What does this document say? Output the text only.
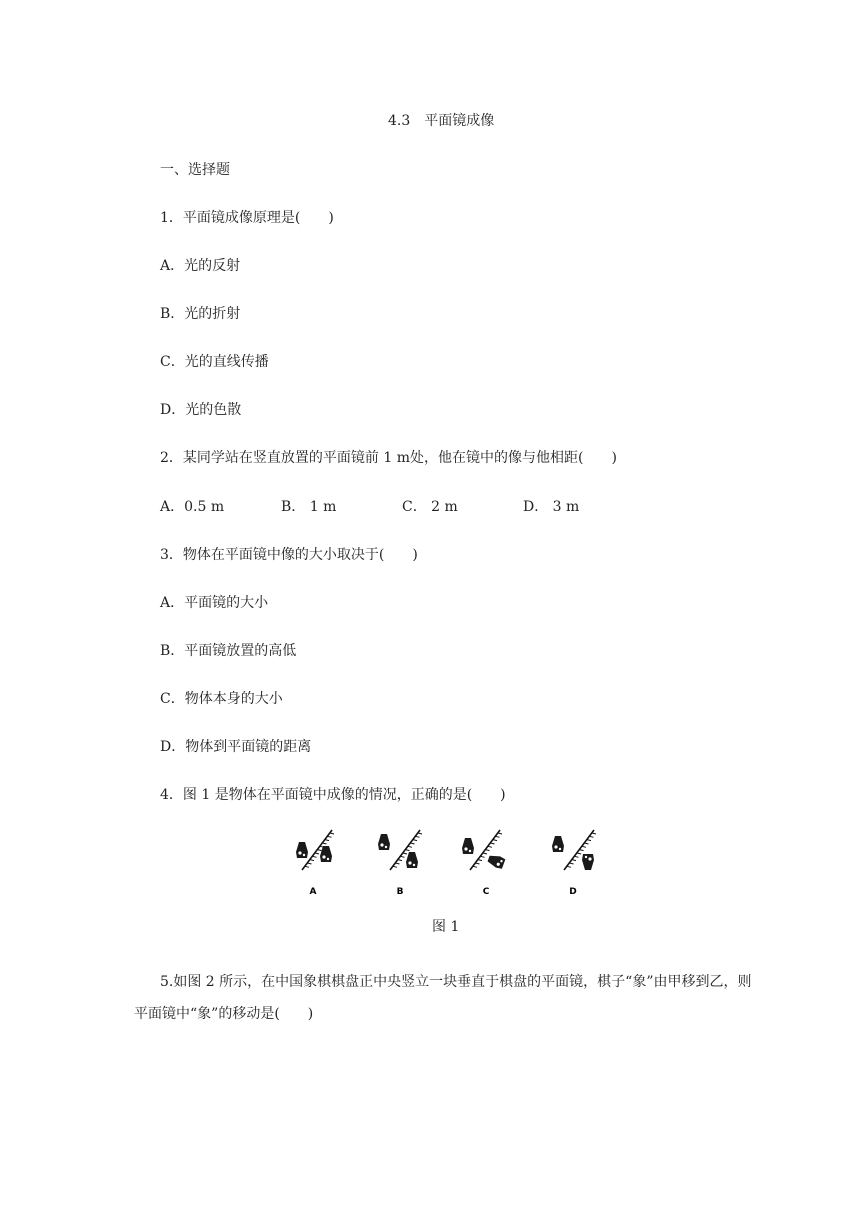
4.3　平面镜成像
一、选择题
1．平面镜成像原理是(　　)
A．光的反射
B．光的折射
C．光的直线传播
D．光的色散
2．某同学站在竖直放置的平面镜前 1 m处，他在镜中的像与他相距(　　)
A．0.5 m	B． 1 m	C． 2 m	D． 3 m
3．物体在平面镜中像的大小取决于(　　)
A．平面镜的大小
B．平面镜放置的高低
C．物体本身的大小
D．物体到平面镜的距离
4．图 1 是物体在平面镜中成像的情况，正确的是(　　)
A	B	C	D
图 1
5.如图 2 所示，在中国象棋棋盘正中央竖立一块垂直于棋盘的平面镜，棋子“象”由甲移到乙，则平面镜中“象”的移动是(　　)
